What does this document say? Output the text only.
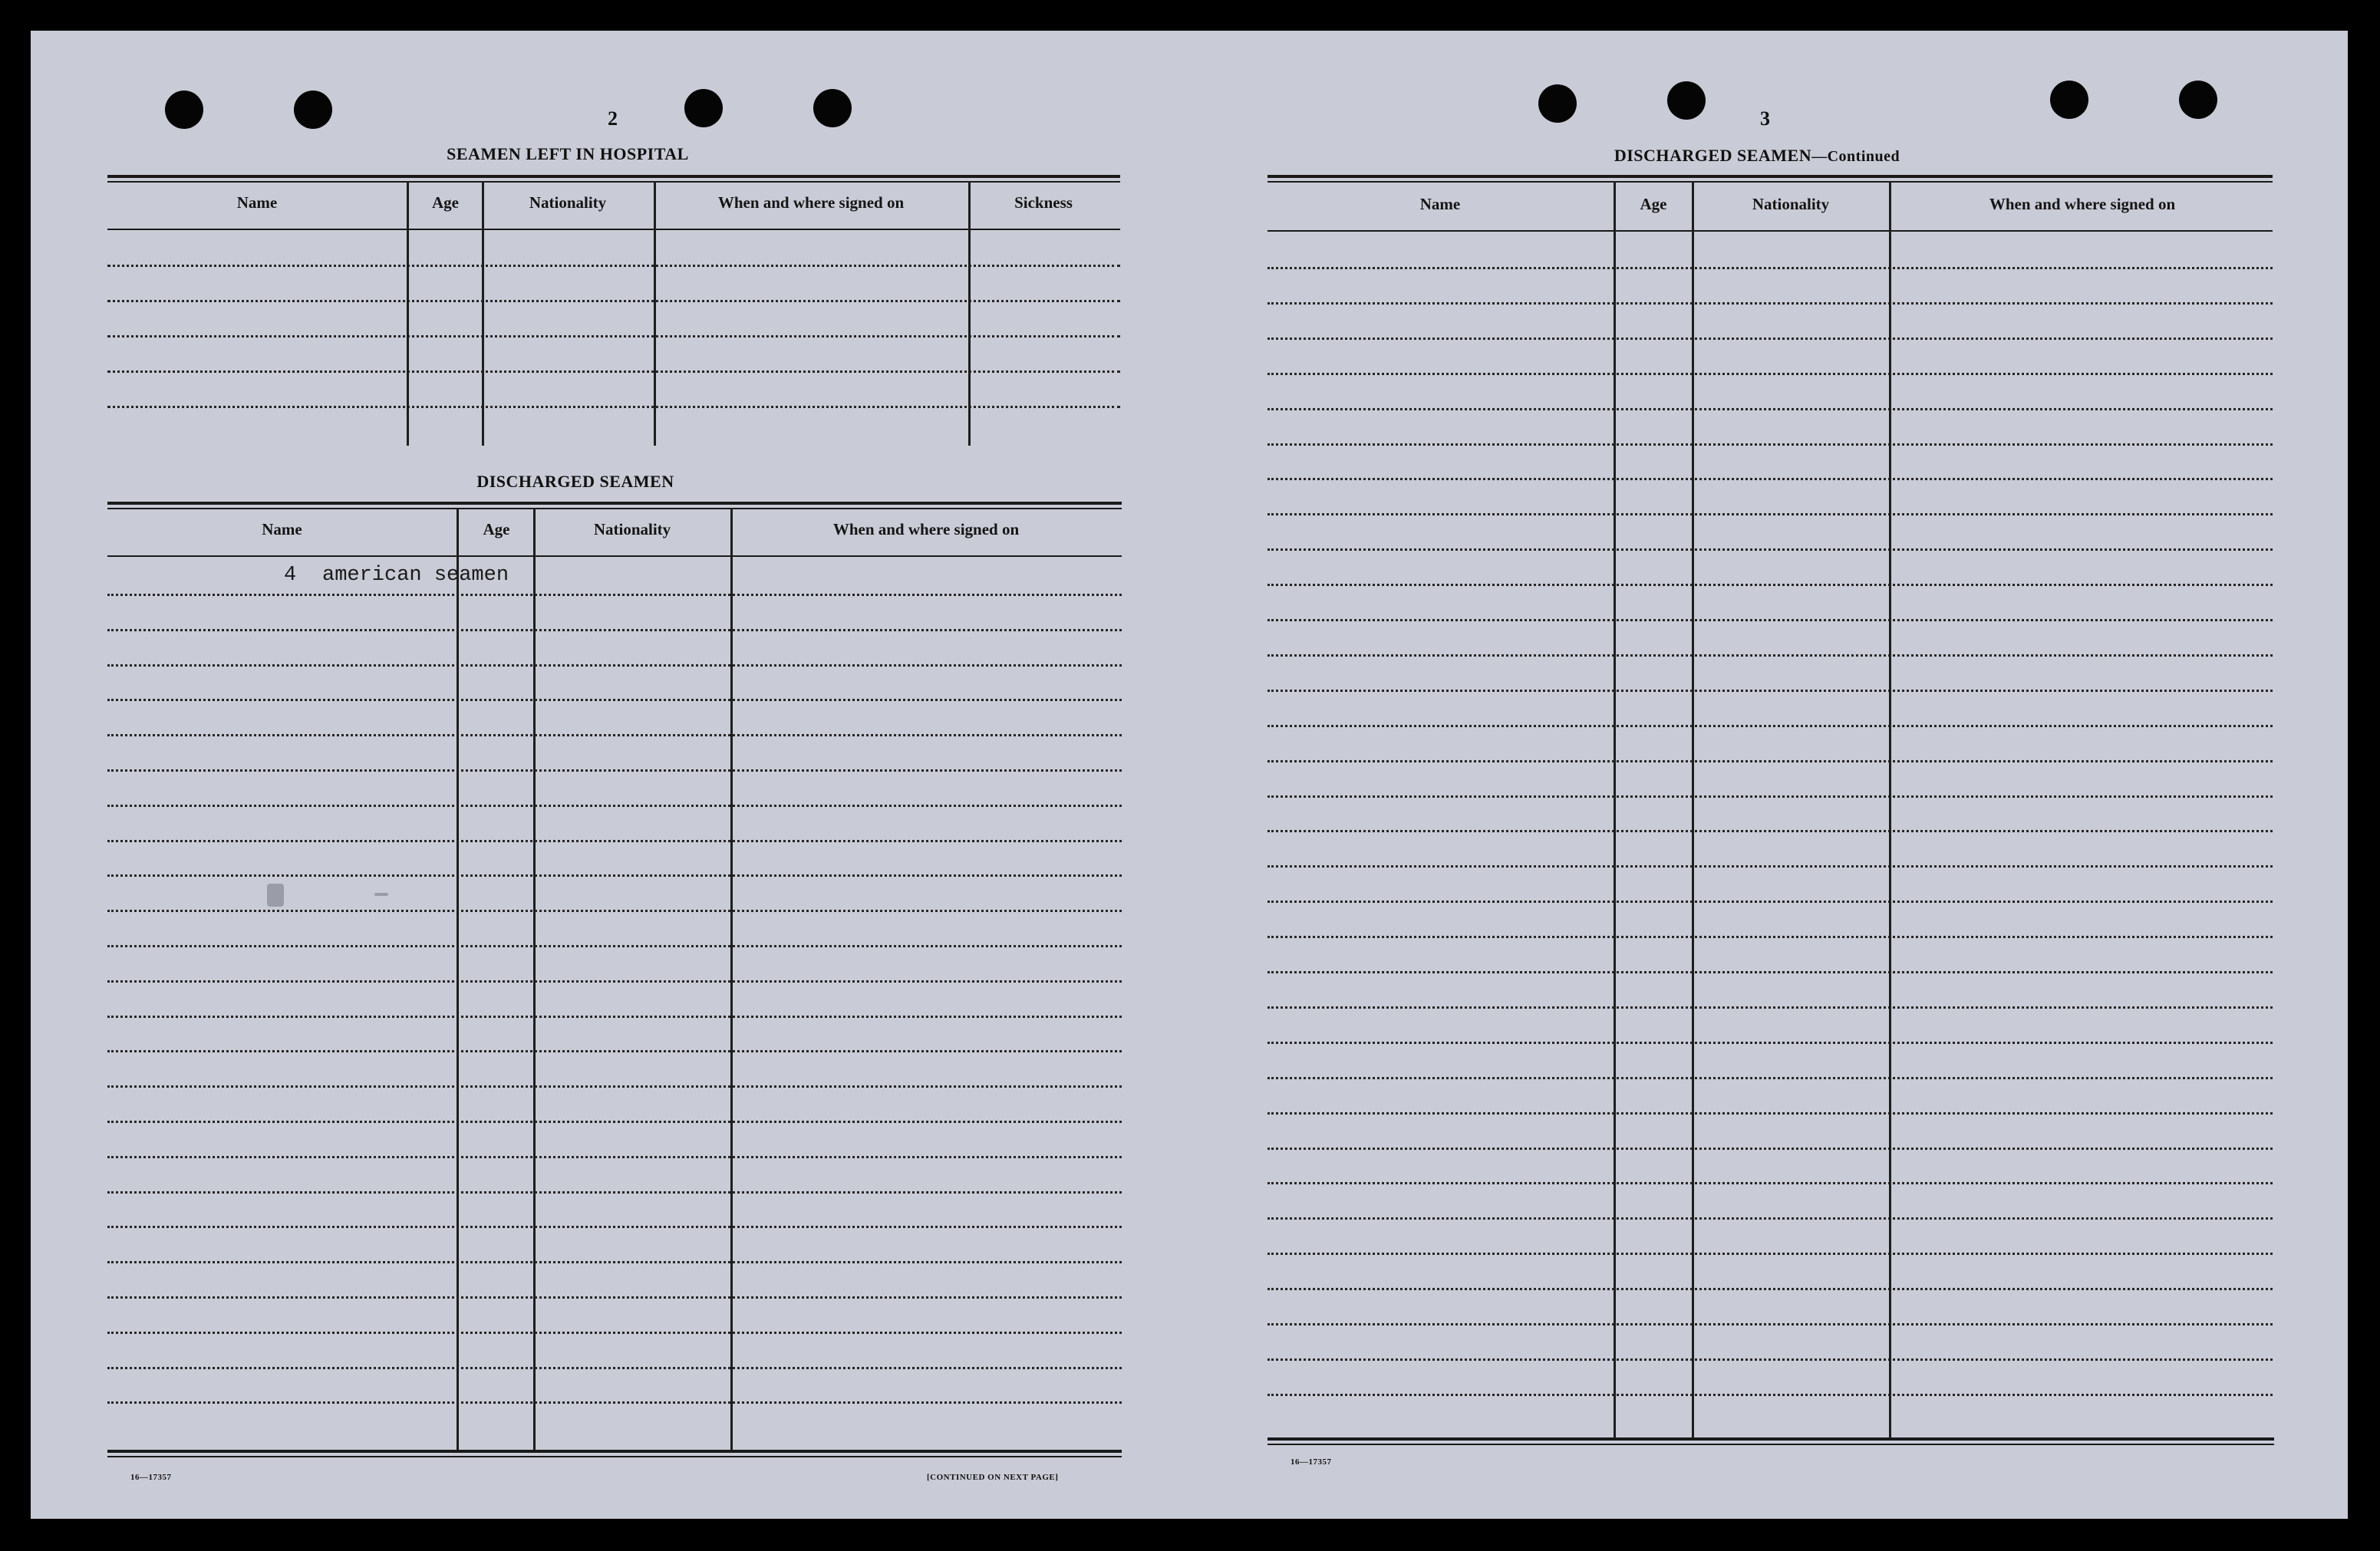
2
SEAMEN LEFT IN HOSPITAL
Name	Age	Nationality	When and where signed on	Sickness
DISCHARGED SEAMEN
Name	Age	Nationality	When and where signed on
4 american seamen
16—17357	[CONTINUED ON NEXT PAGE]
3
DISCHARGED SEAMEN—Continued
Name	Age	Nationality	When and where signed on
16—17357
